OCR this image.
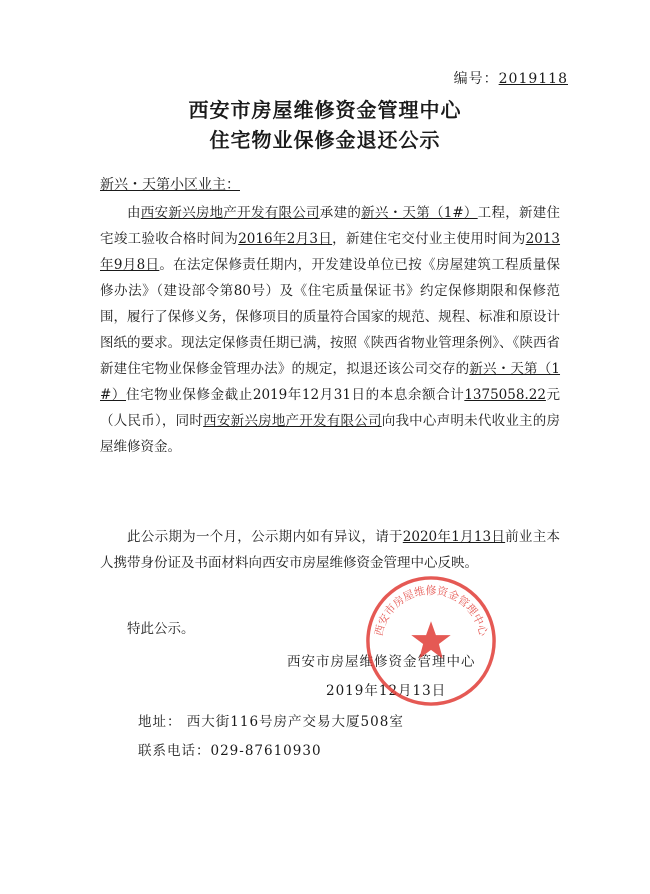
编号：2019118
西安市房屋维修资金管理中心
住宅物业保修金退还公示
新兴・天第小区业主：
由西安新兴房地产开发有限公司承建的新兴・天第（1#）工程，新建住宅竣工验收合格时间为2016年2月3日，新建住宅交付业主使用时间为2013年9月8日。在法定保修责任期内，开发建设单位已按《房屋建筑工程质量保修办法》（建设部令第80号）及《住宅质量保证书》约定保修期限和保修范围，履行了保修义务，保修项目的质量符合国家的规范、规程、标准和原设计图纸的要求。现法定保修责任期已满，按照《陕西省物业管理条例》、《陕西省新建住宅物业保修金管理办法》的规定，拟退还该公司交存的新兴・天第（1#）住宅物业保修金截止2019年12月31日的本息余额合计1375058.22元（人民币），同时西安新兴房地产开发有限公司向我中心声明未代收业主的房屋维修资金。
此公示期为一个月，公示期内如有异议，请于2020年1月13日前业主本人携带身份证及书面材料向西安市房屋维修资金管理中心反映。
特此公示。
西安市房屋维修资金管理中心
2019年12月13日
西安市房屋维修资金管理中心
地址： 西大街116号房产交易大厦508室
联系电话：029-87610930
